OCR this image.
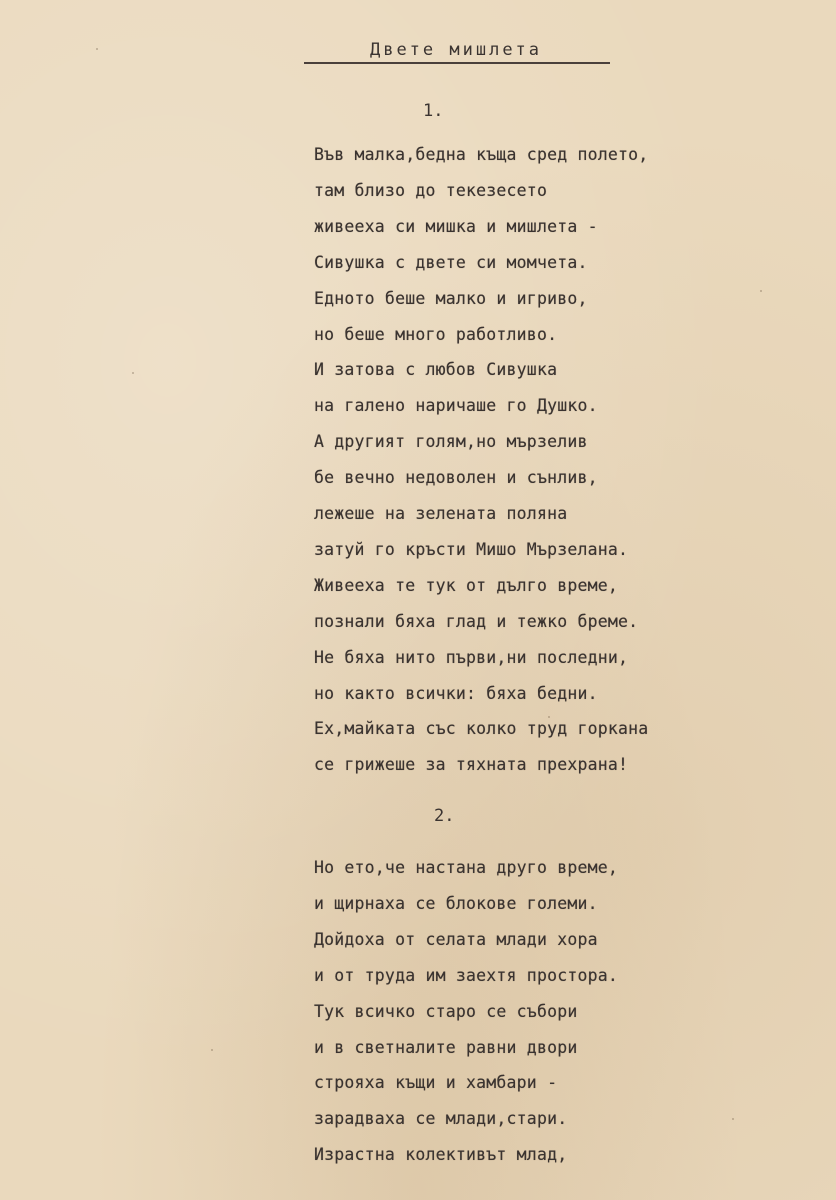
Двете мишлета
1.
Във малка,бедна къща сред полето,
там близо до текезесето
живееха си мишка и мишлета -
Сивушка с двете си момчета.
Едното беше малко и игриво,
но беше много работливо.
И затова с любов Сивушка
на галено наричаше го Душко.
А другият голям,но мързелив
бе вечно недоволен и сънлив,
лежеше на зелената поляна
затуй го кръсти Мишо Мързелана.
Живееха те тук от дълго време,
познали бяха глад и тежко бреме.
Не бяха нито първи,ни последни,
но както всички: бяха бедни.
Ех,майката със колко труд горкана
се грижеше за тяхната прехрана!
2.
Но ето,че настана друго време,
и щирнаха се блокове големи.
Дойдоха от селата млади хора
и от труда им заехтя простора.
Тук всичко старо се събори
и в светналите равни двори
строяха къщи и хамбари -
зарадваха се млади,стари.
Израстна колективът млад,
